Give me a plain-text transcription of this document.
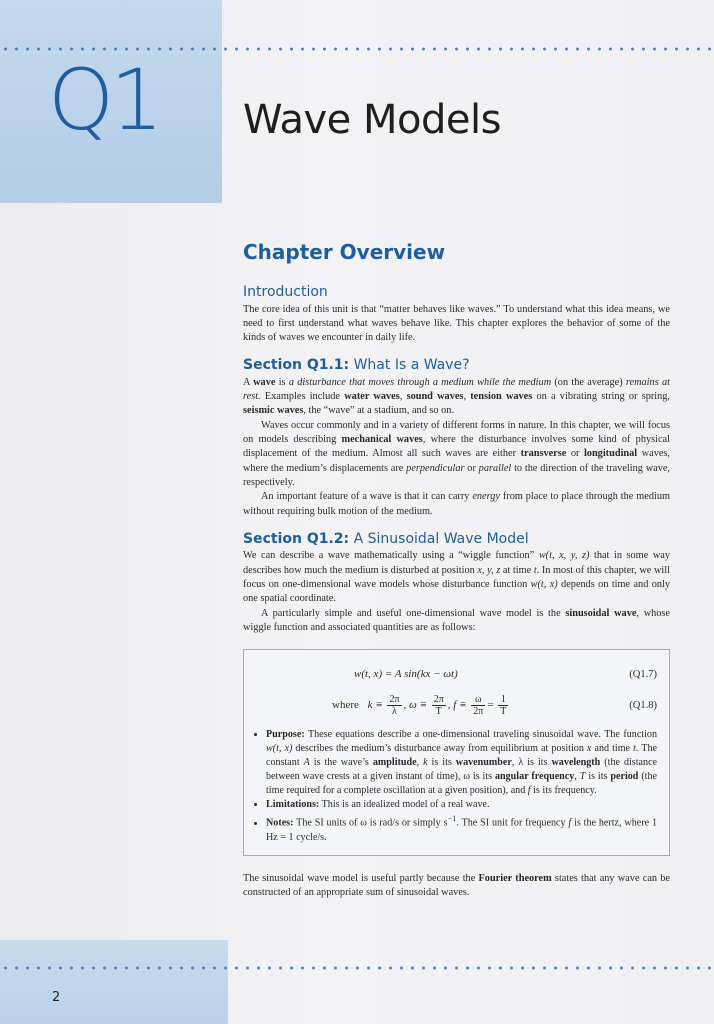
Q1 Wave Models
Chapter Overview
Introduction

The core idea of this unit is that “matter behaves like waves.” To understand what this idea means, we need to first understand what waves behave like. This chapter explores the behavior of some of the kinds of waves we encounter in daily life.

Section Q1.1: What Is a Wave?

A wave is a disturbance that moves through a medium while the medium (on the average) remains at rest. Examples include water waves, sound waves, tension waves on a vibrating string or spring, seismic waves, the “wave” at a stadium, and so on.

Waves occur commonly and in a variety of different forms in nature. In this chapter, we will focus on models describing mechanical waves, where the disturbance involves some kind of physical displacement of the medium. Almost all such waves are either transverse or longitudinal waves, where the medium’s displacements are perpendicular or parallel to the direction of the traveling wave, respectively.

An important feature of a wave is that it can carry energy from place to place through the medium without requiring bulk motion of the medium.

Section Q1.2: A Sinusoidal Wave Model

We can describe a wave mathematically using a “wiggle function” w(t, x, y, z) that in some way describes how much the medium is disturbed at position x, y, z at time t. In most of this chapter, we will focus on one-dimensional wave models whose disturbance function w(t, x) depends on time and only one spatial coordinate.

A particularly simple and useful one-dimensional wave model is the sinusoidal wave, whose wiggle function and associated quantities are as follows:

w(t, x) = A sin(kx − ωt)	(Q1.7)
where $k \equiv \frac{2\pi}{\lambda}$ , $\omega \equiv \frac{2\pi}{T}$ , $f \equiv \frac{\omega}{2\pi} = \frac{1}{T}$	(Q1.8)
• Purpose: These equations describe a one-dimensional traveling sinusoidal wave. The function w(t, x) describes the medium’s disturbance away from equilibrium at position x and time t. The constant A is the wave’s amplitude, k is its wavenumber, λ is its wavelength (the distance between wave crests at a given instant of time), ω is its angular frequency, T is its period (the time required for a complete oscillation at a given position), and f is its frequency.
• Limitations: This is an idealized model of a real wave.
• Notes: The SI units of ω is rad/s or simply $s^{-1}$. The SI unit for frequency f is the hertz, where 1 Hz = 1 cycle/s.

The sinusoidal wave model is useful partly because the Fourier theorem states that any wave can be constructed of an appropriate sum of sinusoidal waves.

2
